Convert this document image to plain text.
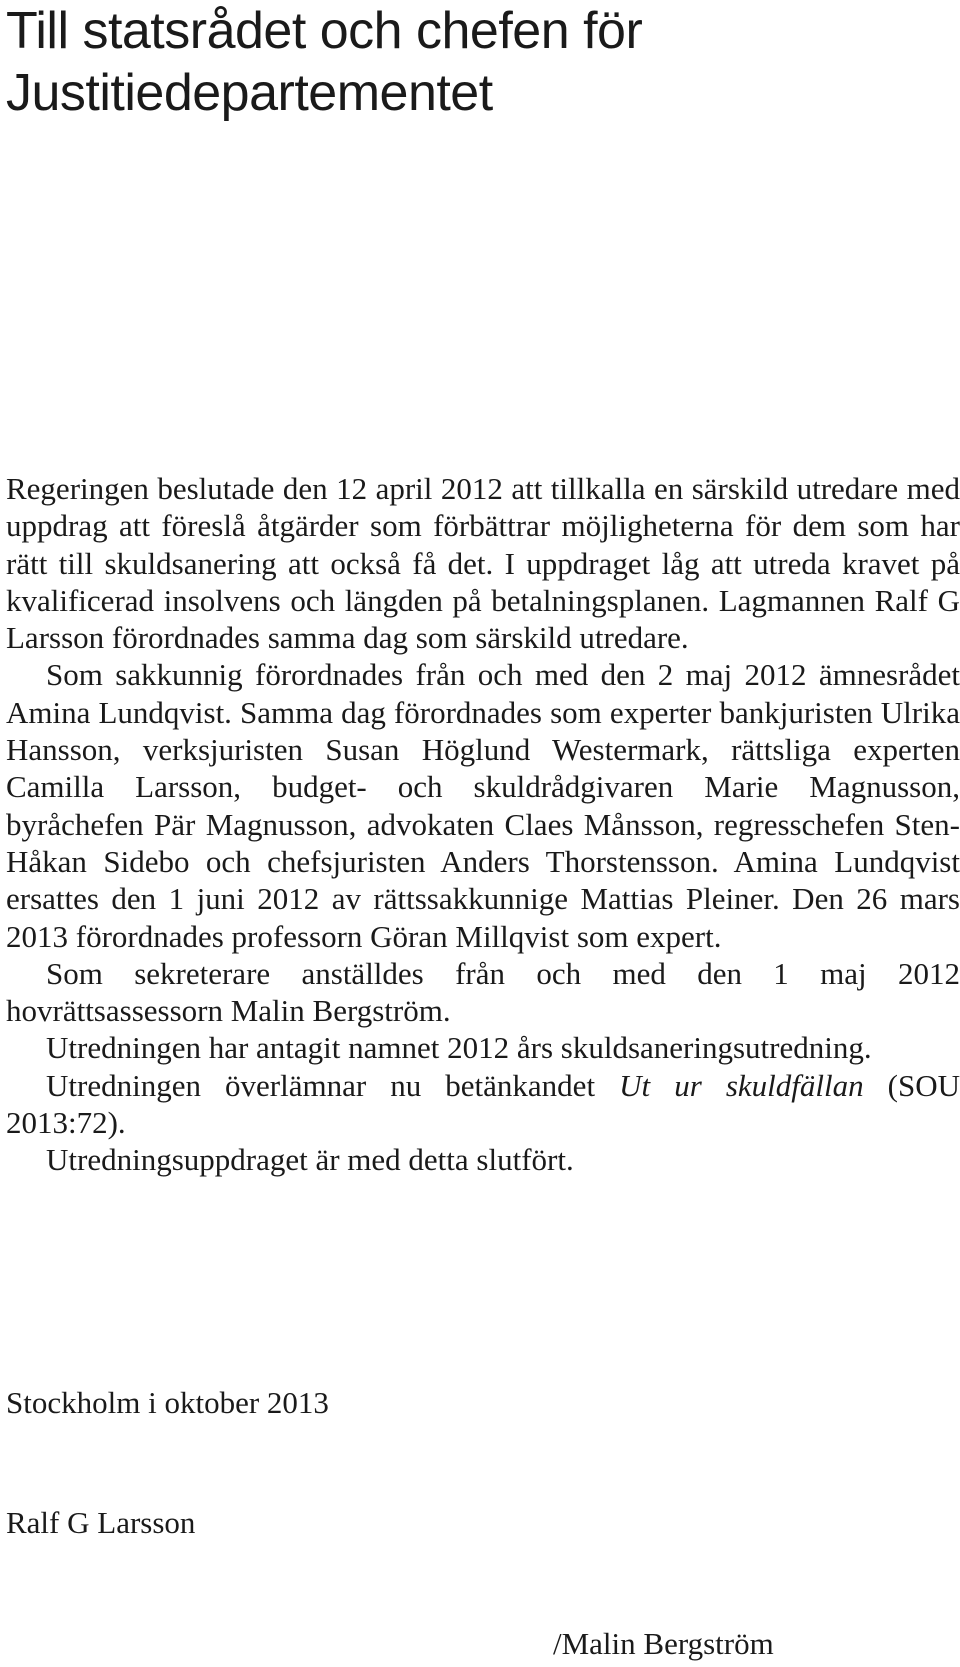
Till statsrådet och chefen för
Justitiedepartementet

Regeringen beslutade den 12 april 2012 att tillkalla en särskild utredare med uppdrag att föreslå åtgärder som förbättrar möjligheterna för dem som har rätt till skuldsanering att också få det. I uppdraget låg att utreda kravet på kvalificerad insolvens och längden på betalningsplanen. Lagmannen Ralf G Larsson förordnades samma dag som särskild utredare.

Som sakkunnig förordnades från och med den 2 maj 2012 ämnesrådet Amina Lundqvist. Samma dag förordnades som experter bankjuristen Ulrika Hansson, verksjuristen Susan Höglund Westermark, rättsliga experten Camilla Larsson, budget- och skuldrådgivaren Marie Magnusson, byråchefen Pär Magnusson, advokaten Claes Månsson, regresschefen Sten-Håkan Sidebo och chefsjuristen Anders Thorstensson. Amina Lundqvist ersattes den 1 juni 2012 av rättssakkunnige Mattias Pleiner. Den 26 mars 2013 förordnades professorn Göran Millqvist som expert.

Som sekreterare anställdes från och med den 1 maj 2012 hovrättsassessorn Malin Bergström.

Utredningen har antagit namnet 2012 års skuldsaneringsutredning.

Utredningen överlämnar nu betänkandet Ut ur skuldfällan (SOU 2013:72).

Utredningsuppdraget är med detta slutfört.

Stockholm i oktober 2013

Ralf G Larsson

/Malin Bergström
